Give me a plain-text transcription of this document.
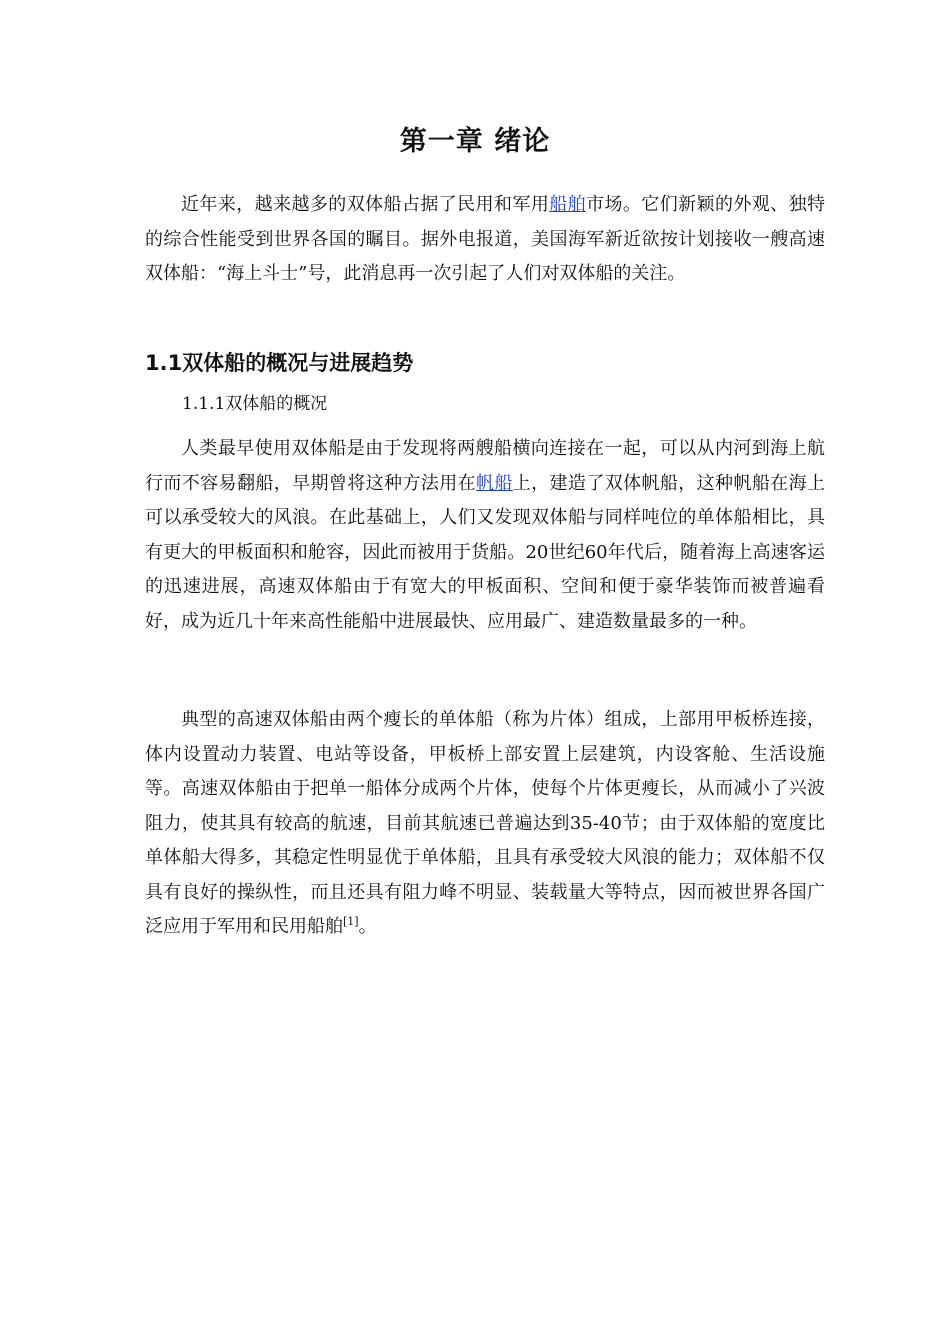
第一章 绪论

近年来，越来越多的双体船占据了民用和军用船舶市场。它们新颖的外观、独特的综合性能受到世界各国的瞩目。据外电报道，美国海军新近欲按计划接收一艘高速双体船：“海上斗士”号，此消息再一次引起了人们对双体船的关注。

1.1双体船的概况与进展趋势
1.1.1双体船的概况

人类最早使用双体船是由于发现将两艘船横向连接在一起，可以从内河到海上航行而不容易翻船，早期曾将这种方法用在帆船上，建造了双体帆船，这种帆船在海上可以承受较大的风浪。在此基础上，人们又发现双体船与同样吨位的单体船相比，具有更大的甲板面积和舱容，因此而被用于货船。20世纪60年代后，随着海上高速客运的迅速进展，高速双体船由于有宽大的甲板面积、空间和便于豪华装饰而被普遍看好，成为近几十年来高性能船中进展最快、应用最广、建造数量最多的一种。

典型的高速双体船由两个瘦长的单体船（称为片体）组成，上部用甲板桥连接，体内设置动力装置、电站等设备，甲板桥上部安置上层建筑，内设客舱、生活设施等。高速双体船由于把单一船体分成两个片体，使每个片体更瘦长，从而减小了兴波阻力，使其具有较高的航速，目前其航速已普遍达到35-40节；由于双体船的宽度比单体船大得多，其稳定性明显优于单体船，且具有承受较大风浪的能力；双体船不仅具有良好的操纵性，而且还具有阻力峰不明显、装载量大等特点，因而被世界各国广泛应用于军用和民用船舶[1]。
